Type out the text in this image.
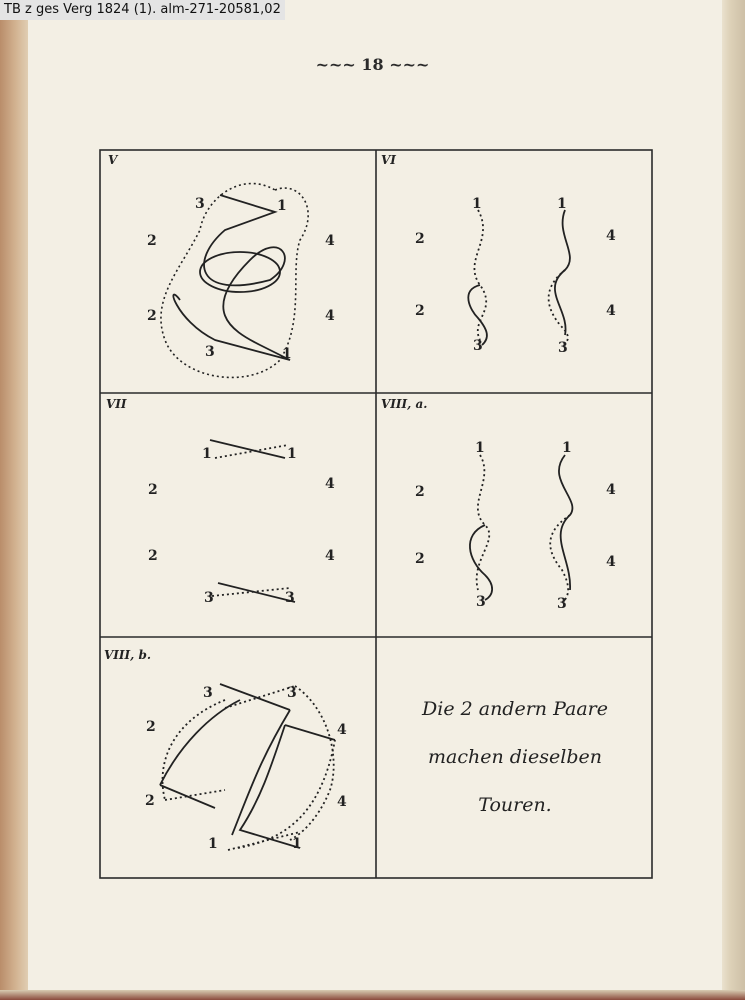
TB z ges Verg 1824 (1). alm-271-20581,02
~~~ 18 ~~~
3	1
2	4
2	4
3	1
1	1
2	4
2	4
3	3
1	1
2	4
2	4
3	3
1	1
2	4
2	4
3	3
3	3
2	4
2	4
1	1
V	VI
VII	VIII, a.
VIII, b.
Die 2 andern Paare
machen dieselben
Touren.
